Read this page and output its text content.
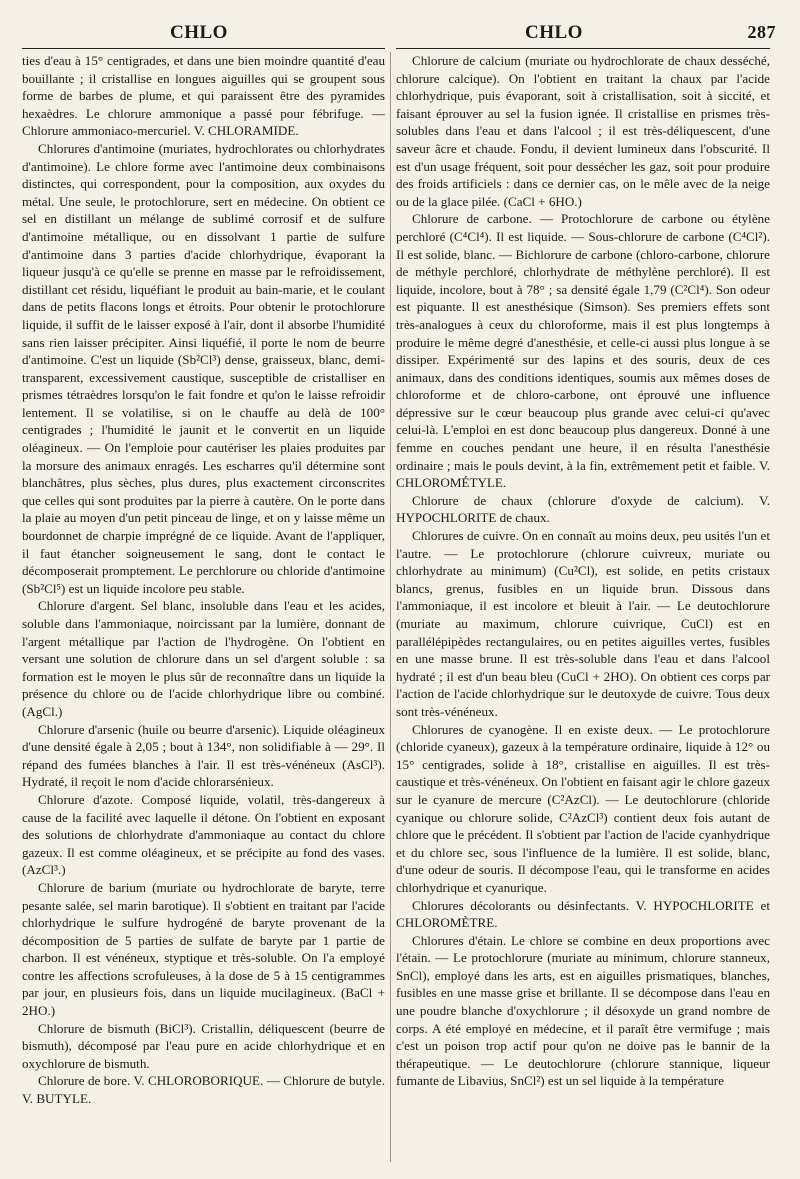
CHLO	CHLO	287

ties d'eau à 15° centigrades, et dans une bien moindre quantité d'eau bouillante ; il cristallise en longues aiguilles qui se groupent sous forme de barbes de plume, et qui paraissent être des pyramides hexaèdres. Le chlorure ammonique a passé pour fébrifuge. — Chlorure ammoniaco-mercuriel. V. CHLORAMIDE.

Chlorures d'antimoine (muriates, hydrochlorates ou chlorhydrates d'antimoine). Le chlore forme avec l'antimoine deux combinaisons distinctes, qui correspondent, pour la composition, aux oxydes du métal. Une seule, le protochlorure, sert en médecine. On obtient ce sel en distillant un mélange de sublimé corrosif et de sulfure d'antimoine métallique, ou en dissolvant 1 partie de sulfure d'antimoine dans 3 parties d'acide chlorhydrique, évaporant la liqueur jusqu'à ce qu'elle se prenne en masse par le refroidissement, distillant cet résidu, liquéfiant le produit au bain-marie, et le coulant dans de petits flacons longs et étroits. Pour obtenir le protochlorure liquide, il suffit de le laisser exposé à l'air, dont il absorbe l'humidité sans rien laisser précipiter. Ainsi liquéfié, il porte le nom de beurre d'antimoine. C'est un liquide (Sb²Cl³) dense, graisseux, blanc, demi-transparent, excessivement caustique, susceptible de cristalliser en prismes tétraèdres lorsqu'on le fait fondre et qu'on le laisse refroidir lentement. Il se volatilise, si on le chauffe au delà de 100° centigrades ; l'humidité le jaunit et le convertit en un liquide oléagineux. — On l'emploie pour cautériser les plaies produites par la morsure des animaux enragés. Les escharres qu'il détermine sont blanchâtres, plus sèches, plus dures, plus exactement circonscrites que celles qui sont produites par la pierre à cautère. On le porte dans la plaie au moyen d'un petit pinceau de linge, et on y laisse même un bourdonnet de charpie imprégné de ce liquide. Avant de l'appliquer, il faut étancher soigneusement le sang, dont le contact le décomposerait promptement. Le perchlorure ou chloride d'antimoine (Sb²Cl⁵) est un liquide incolore peu stable.

Chlorure d'argent. Sel blanc, insoluble dans l'eau et les acides, soluble dans l'ammoniaque, noircissant par la lumière, donnant de l'argent métallique par l'action de l'hydrogène. On l'obtient en versant une solution de chlorure dans un sel d'argent soluble : sa formation est le moyen le plus sûr de reconnaître dans un liquide la présence du chlore ou de l'acide chlorhydrique libre ou combiné. (AgCl.)

Chlorure d'arsenic (huile ou beurre d'arsenic). Liquide oléagineux d'une densité égale à 2,05 ; bout à 134°, non solidifiable à — 29°. Il répand des fumées blanches à l'air. Il est très-vénéneux (AsCl³). Hydraté, il reçoit le nom d'acide chlorarsénieux.

Chlorure d'azote. Composé liquide, volatil, très-dangereux à cause de la facilité avec laquelle il détone. On l'obtient en exposant des solutions de chlorhydrate d'ammoniaque au contact du chlore gazeux. Il est comme oléagineux, et se précipite au fond des vases. (AzCl³.)

Chlorure de barium (muriate ou hydrochlorate de baryte, terre pesante salée, sel marin barotique). Il s'obtient en traitant par l'acide chlorhydrique le sulfure hydrogéné de baryte provenant de la décomposition de 5 parties de sulfate de baryte par 1 partie de charbon. Il est vénéneux, styptique et très-soluble. On l'a employé contre les affections scrofuleuses, à la dose de 5 à 15 centigrammes par jour, en plusieurs fois, dans un liquide mucilagineux. (BaCl + 2HO.)

Chlorure de bismuth (BiCl³). Cristallin, déliquescent (beurre de bismuth), décomposé par l'eau pure en acide chlorhydrique et en oxychlorure de bismuth.

Chlorure de bore. V. CHLOROBORIQUE. — Chlorure de butyle. V. BUTYLE.

Chlorure de calcium (muriate ou hydrochlorate de chaux desséché, chlorure calcique). On l'obtient en traitant la chaux par l'acide chlorhydrique, puis évaporant, soit à cristallisation, soit à siccité, et faisant éprouver au sel la fusion ignée. Il cristallise en prismes très-solubles dans l'eau et dans l'alcool ; il est très-déliquescent, d'une saveur âcre et chaude. Fondu, il devient lumineux dans l'obscurité. Il est d'un usage fréquent, soit pour dessécher les gaz, soit pour produire des froids artificiels : dans ce dernier cas, on le mêle avec de la neige ou de la glace pilée. (CaCl + 6HO.)

Chlorure de carbone. — Protochlorure de carbone ou étylène perchloré (C⁴Cl⁴). Il est liquide. — Sous-chlorure de carbone (C⁴Cl²). Il est solide, blanc. — Bichlorure de carbone (chloro-carbone, chlorure de méthyle perchloré, chlorhydrate de méthylène perchloré). Il est liquide, incolore, bout à 78° ; sa densité égale 1,79 (C²Cl⁴). Son odeur est piquante. Il est anesthésique (Simson). Ses premiers effets sont très-analogues à ceux du chloroforme, mais il est plus longtemps à produire le même degré d'anesthésie, et celle-ci aussi plus longue à se dissiper. Expérimenté sur des lapins et des souris, deux de ces animaux, dans des conditions identiques, soumis aux mêmes doses de chloroforme et de chloro-carbone, ont éprouvé une influence dépressive sur le cœur beaucoup plus grande avec celui-ci qu'avec celui-là. L'emploi en est donc beaucoup plus dangereux. Donné à une femme en couches pendant une heure, il en résulta l'anesthésie ordinaire ; mais le pouls devint, à la fin, extrêmement petit et faible. V. CHLOROMÉTYLE.

Chlorure de chaux (chlorure d'oxyde de calcium). V. HYPOCHLORITE de chaux.

Chlorures de cuivre. On en connaît au moins deux, peu usités l'un et l'autre. — Le protochlorure (chlorure cuivreux, muriate ou chlorhydrate au minimum) (Cu²Cl), est solide, en petits cristaux blancs, grenus, fusibles en un liquide brun. Dissous dans l'ammoniaque, il est incolore et bleuit à l'air. — Le deutochlorure (muriate au maximum, chlorure cuivrique, CuCl) est en parallélépipèdes rectangulaires, ou en petites aiguilles vertes, fusibles en une masse brune. Il est très-soluble dans l'eau et dans l'alcool hydraté ; il est d'un beau bleu (CuCl + 2HO). On obtient ces corps par l'action de l'acide chlorhydrique sur le deutoxyde de cuivre. Tous deux sont très-vénéneux.

Chlorures de cyanogène. Il en existe deux. — Le protochlorure (chloride cyaneux), gazeux à la température ordinaire, liquide à 12° ou 15° centigrades, solide à 18°, cristallise en aiguilles. Il est très-caustique et très-vénéneux. On l'obtient en faisant agir le chlore gazeux sur le cyanure de mercure (C²AzCl). — Le deutochlorure (chloride cyanique ou chlorure solide, C²AzCl³) contient deux fois autant de chlore que le précédent. Il s'obtient par l'action de l'acide cyanhydrique et du chlore sec, sous l'influence de la lumière. Il est solide, blanc, d'une odeur de souris. Il décompose l'eau, qui le transforme en acides chlorhydrique et cyanurique.

Chlorures décolorants ou désinfectants. V. HYPOCHLORITE et CHLOROMÈTRE.

Chlorures d'étain. Le chlore se combine en deux proportions avec l'étain. — Le protochlorure (muriate au minimum, chlorure stanneux, SnCl), employé dans les arts, est en aiguilles prismatiques, blanches, fusibles en une masse grise et brillante. Il se décompose dans l'eau en une poudre blanche d'oxychlorure ; il désoxyde un grand nombre de corps. A été employé en médecine, et il paraît être vermifuge ; mais c'est un poison trop actif pour qu'on ne doive pas le bannir de la thérapeutique. — Le deutochlorure (chlorure stannique, liqueur fumante de Libavius, SnCl²) est un sel liquide à la température
